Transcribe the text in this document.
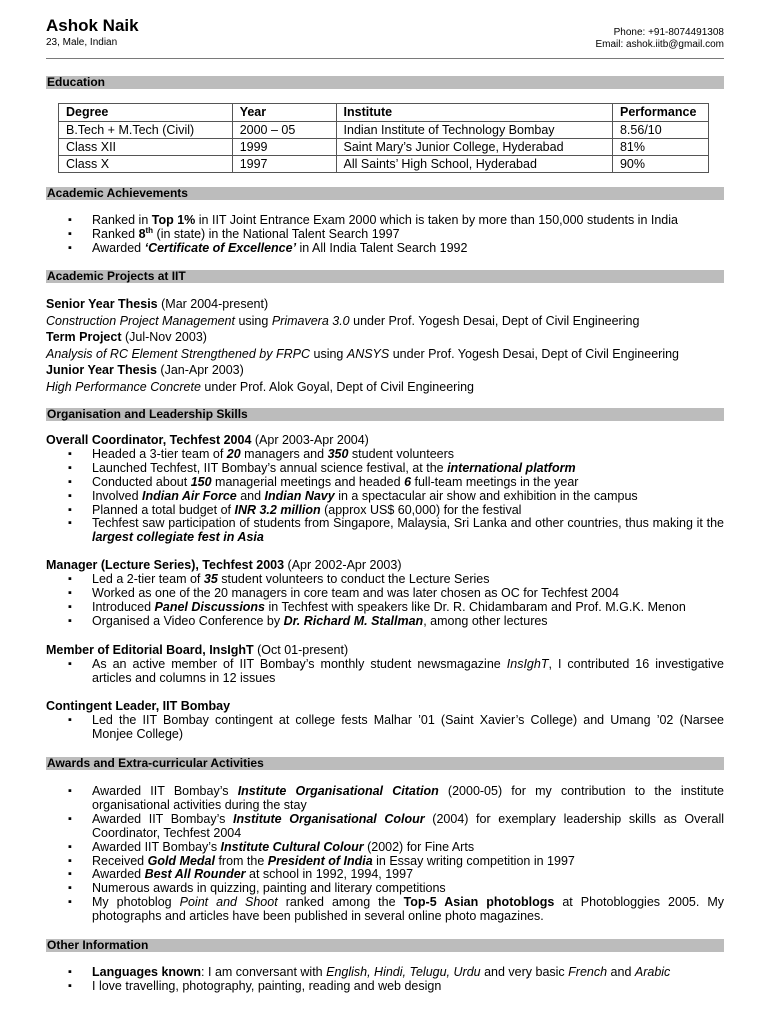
Ashok Naik
23, Male, Indian
Phone: +91-8074491308
Email: ashok.iitb@gmail.com
Education
Degree	Year	Institute	Performance
B.Tech + M.Tech (Civil)	2000 – 05	Indian Institute of Technology Bombay	8.56/10
Class XII	1999	Saint Mary’s Junior College, Hyderabad	81%
Class X	1997	All Saints’ High School, Hyderabad	90%
Academic Achievements
▪ Ranked in Top 1% in IIT Joint Entrance Exam 2000 which is taken by more than 150,000 students in India
▪ Ranked 8th (in state) in the National Talent Search 1997
▪ Awarded ‘Certificate of Excellence’ in All India Talent Search 1992
Academic Projects at IIT
Senior Year Thesis (Mar 2004-present)
Construction Project Management using Primavera 3.0 under Prof. Yogesh Desai, Dept of Civil Engineering
Term Project (Jul-Nov 2003)
Analysis of RC Element Strengthened by FRPC using ANSYS under Prof. Yogesh Desai, Dept of Civil Engineering
Junior Year Thesis (Jan-Apr 2003)
High Performance Concrete under Prof. Alok Goyal, Dept of Civil Engineering
Organisation and Leadership Skills
Overall Coordinator, Techfest 2004 (Apr 2003-Apr 2004)
▪ Headed a 3-tier team of 20 managers and 350 student volunteers
▪ Launched Techfest, IIT Bombay’s annual science festival, at the international platform
▪ Conducted about 150 managerial meetings and headed 6 full-team meetings in the year
▪ Involved Indian Air Force and Indian Navy in a spectacular air show and exhibition in the campus
▪ Planned a total budget of INR 3.2 million (approx US$ 60,000) for the festival
▪ Techfest saw participation of students from Singapore, Malaysia, Sri Lanka and other countries, thus making it the largest collegiate fest in Asia
Manager (Lecture Series), Techfest 2003 (Apr 2002-Apr 2003)
▪ Led a 2-tier team of 35 student volunteers to conduct the Lecture Series
▪ Worked as one of the 20 managers in core team and was later chosen as OC for Techfest 2004
▪ Introduced Panel Discussions in Techfest with speakers like Dr. R. Chidambaram and Prof. M.G.K. Menon
▪ Organised a Video Conference by Dr. Richard M. Stallman, among other lectures
Member of Editorial Board, InsIghT (Oct 01-present)
▪ As an active member of IIT Bombay’s monthly student newsmagazine InsIghT, I contributed 16 investigative articles and columns in 12 issues
Contingent Leader, IIT Bombay
▪ Led the IIT Bombay contingent at college fests Malhar ’01 (Saint Xavier’s College) and Umang ’02 (Narsee Monjee College)
Awards and Extra-curricular Activities
▪ Awarded IIT Bombay’s Institute Organisational Citation (2000-05) for my contribution to the institute organisational activities during the stay
▪ Awarded IIT Bombay’s Institute Organisational Colour (2004) for exemplary leadership skills as Overall Coordinator, Techfest 2004
▪ Awarded IIT Bombay’s Institute Cultural Colour (2002) for Fine Arts
▪ Received Gold Medal from the President of India in Essay writing competition in 1997
▪ Awarded Best All Rounder at school in 1992, 1994, 1997
▪ Numerous awards in quizzing, painting and literary competitions
▪ My photoblog Point and Shoot ranked among the Top-5 Asian photoblogs at Photobloggies 2005. My photographs and articles have been published in several online photo magazines.
Other Information
▪ Languages known: I am conversant with English, Hindi, Telugu, Urdu and very basic French and Arabic
▪ I love travelling, photography, painting, reading and web design
